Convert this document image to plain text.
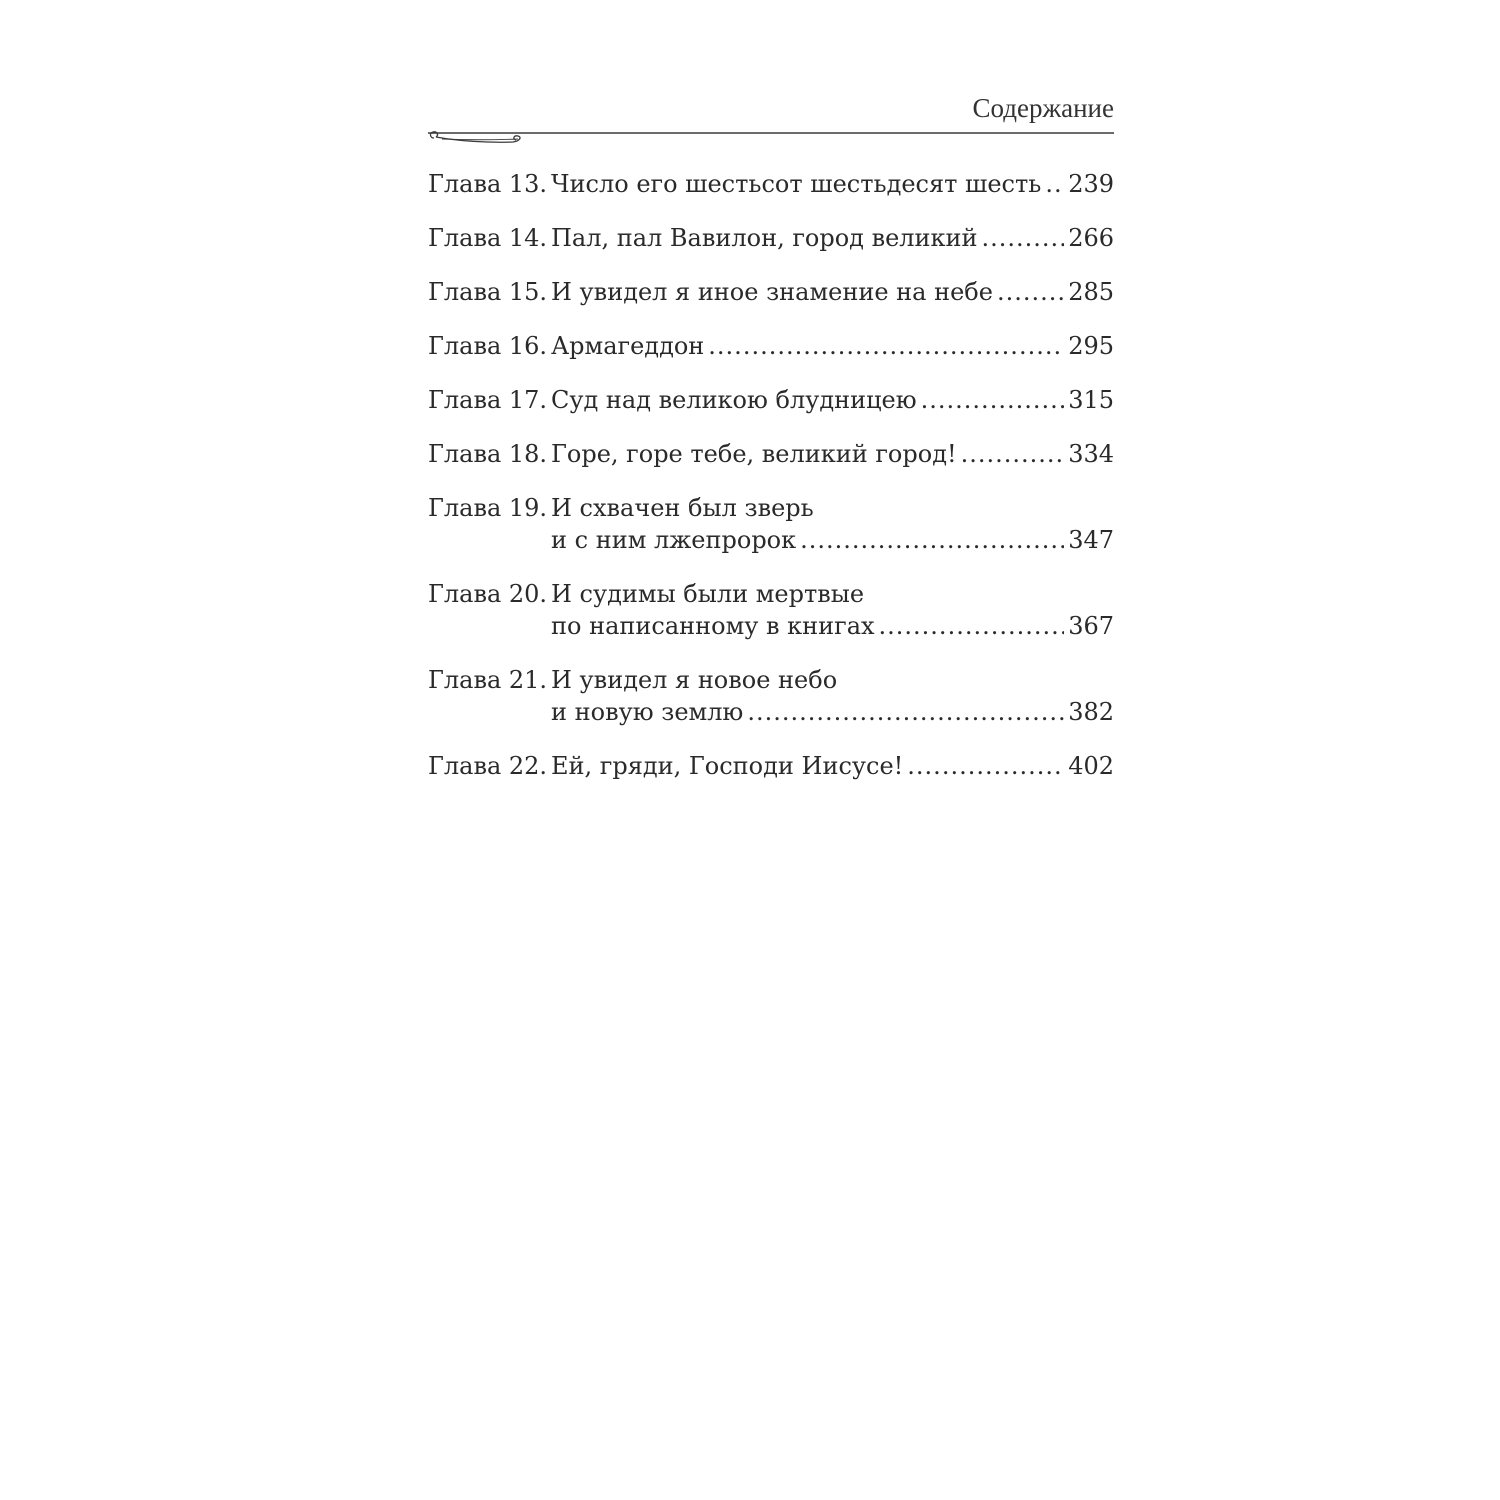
Содержание
Глава 13. Число его шестьсот шестьдесят шесть ..... 239
Глава 14. Пал, пал Вавилон, город великий .....	266
Глава 15. И увидел я иное знамение на небе .....	285
Глава 16. Армагеддон .....	295
Глава 17. Суд над великою блудницею .....	315
Глава 18. Горе, горе тебе, великий город! .....	334
Глава 19. И схвачен был зверь
и с ним лжепророк .....	347
Глава 20. И судимы были мертвые
по написанному в книгах .....	367
Глава 21. И увидел я новое небо
и новую землю .....	382
Глава 22. Ей, гряди, Господи Иисусе! .....	402
